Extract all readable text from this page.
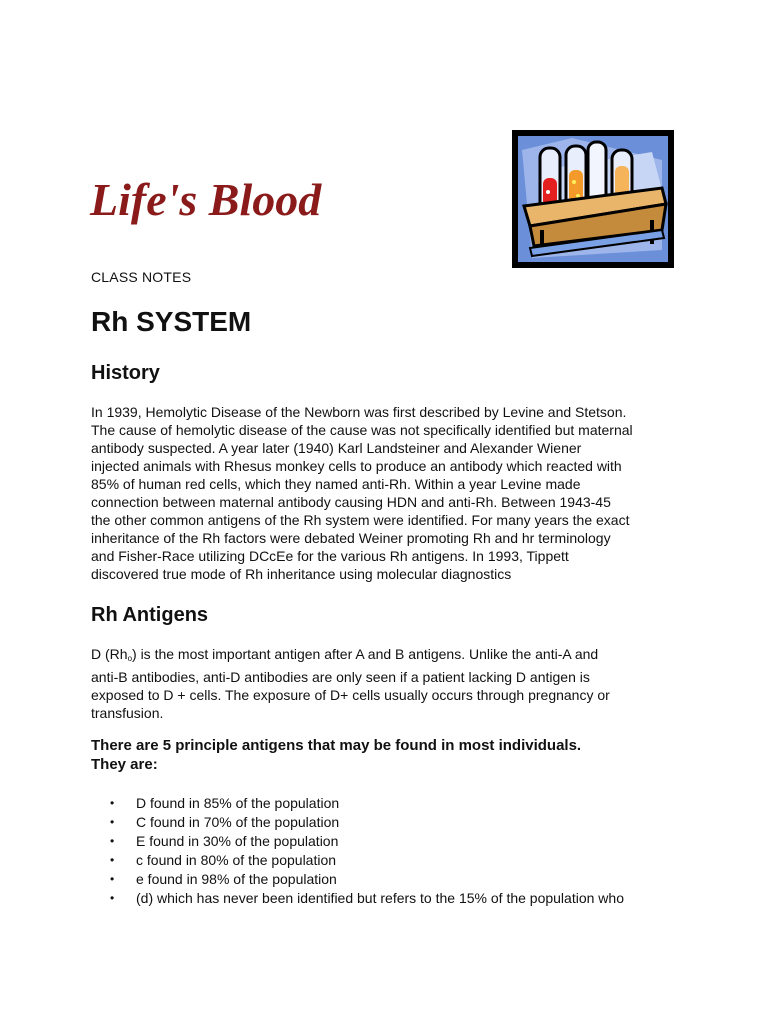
Life's Blood
CLASS NOTES
Rh SYSTEM
History

In 1939, Hemolytic Disease of the Newborn was first described by Levine and Stetson.
The cause of hemolytic disease of the cause was not specifically identified but maternal
antibody suspected. A year later (1940) Karl Landsteiner and Alexander Wiener
injected animals with Rhesus monkey cells to produce an antibody which reacted with
85% of human red cells, which they named anti-Rh. Within a year Levine made
connection between maternal antibody causing HDN and anti-Rh. Between 1943-45
the other common antigens of the Rh system were identified. For many years the exact
inheritance of the Rh factors were debated Weiner promoting Rh and hr terminology
and Fisher-Race utilizing DCcEe for the various Rh antigens. In 1993, Tippett
discovered true mode of Rh inheritance using molecular diagnostics

Rh Antigens

D $(Rh_o)$ is the most important antigen after A and B antigens. Unlike the anti-A and
anti-B antibodies, anti-D antibodies are only seen if a patient lacking D antigen is
exposed to D + cells. The exposure of D+ cells usually occurs through pregnancy or
transfusion.

There are 5 principle antigens that may be found in most individuals.
They are:

• D found in 85% of the population
• C found in 70% of the population
• E found in 30% of the population
• c found in 80% of the population
• e found in 98% of the population
• (d) which has never been identified but refers to the 15% of the population who
